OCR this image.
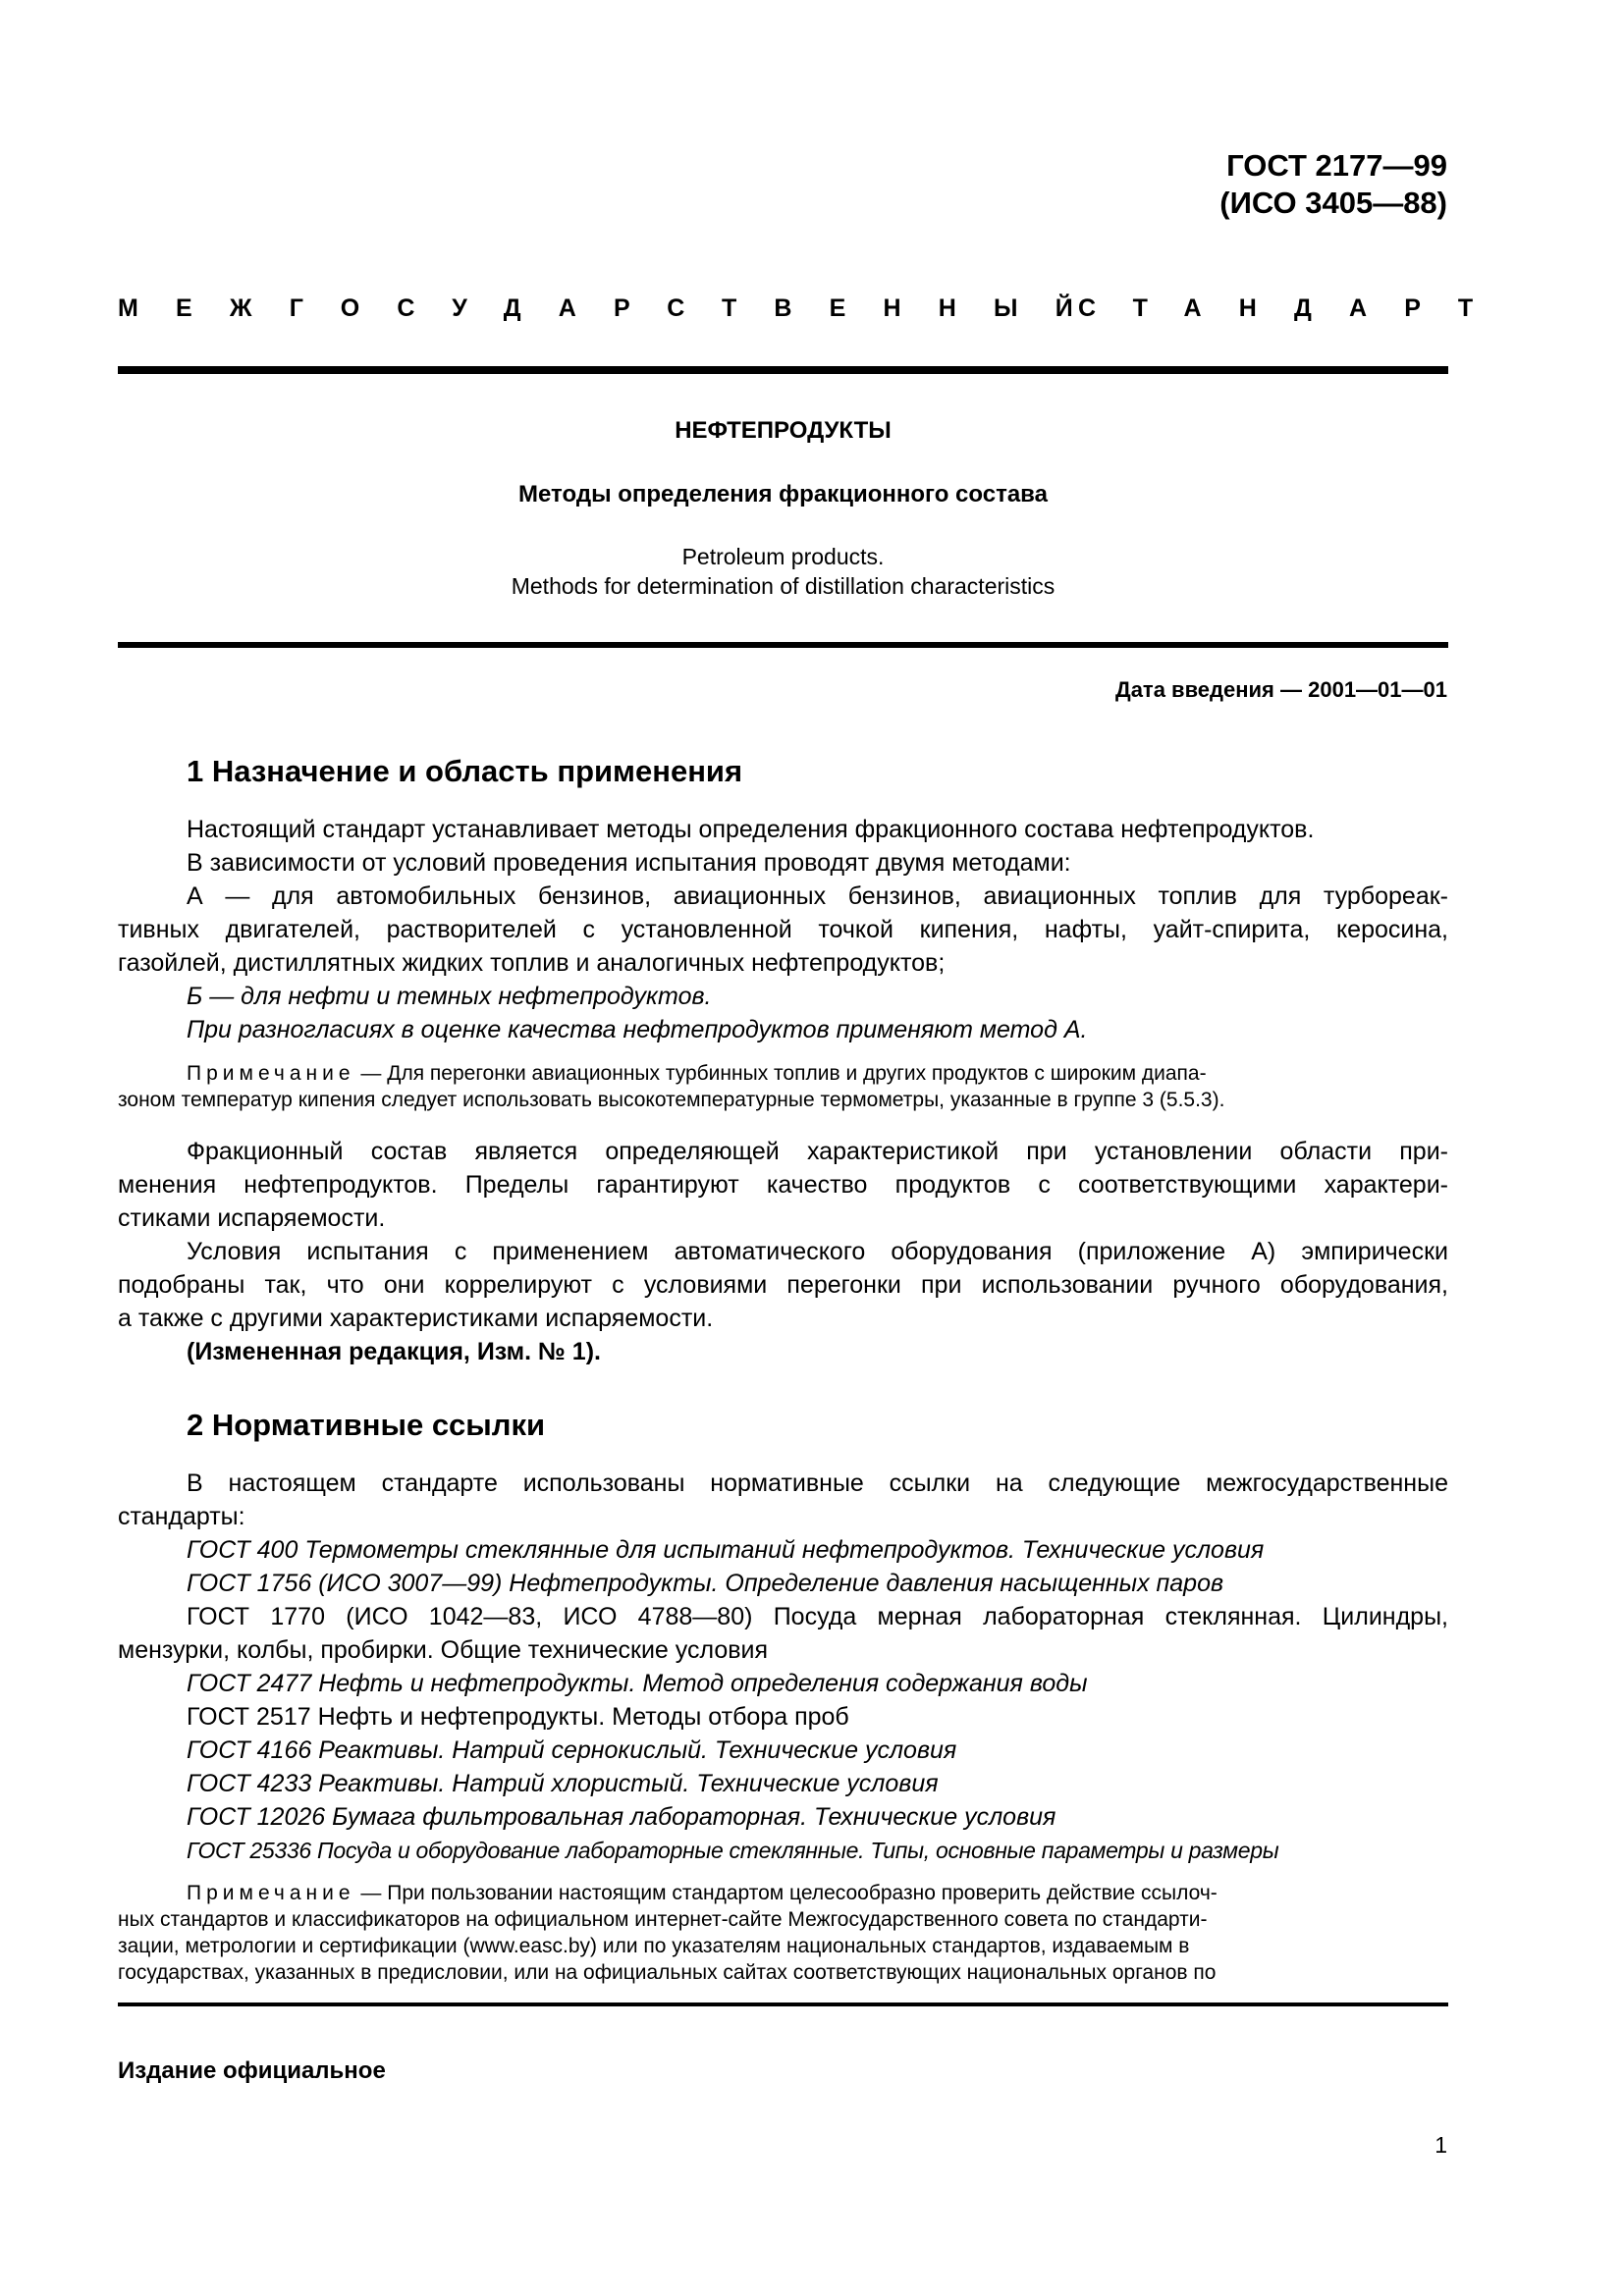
ГОСТ 2177—99
(ИСО 3405—88)
МЕЖГОСУДАРСТВЕННЫЙ
СТАНДАРТ
НЕФТЕПРОДУКТЫ
Методы определения фракционного состава
Petroleum products.
Methods for determination of distillation characteristics
Дата введения — 2001—01—01
1 Назначение и область применения
Настоящий стандарт устанавливает методы определения фракционного состава нефтепродуктов.
В зависимости от условий проведения испытания проводят двумя методами:
А — для автомобильных бензинов, авиационных бензинов, авиационных топлив для турбореак-
тивных двигателей, растворителей с установленной точкой кипения, нафты, уайт-спирита, керосина,
газойлей, дистиллятных жидких топлив и аналогичных нефтепродуктов;
Б — для нефти и темных нефтепродуктов.
При разногласиях в оценке качества нефтепродуктов применяют метод А.
Примечание — Для перегонки авиационных турбинных топлив и других продуктов с широким диапа-
зоном температур кипения следует использовать высокотемпературные термометры, указанные в группе 3 (5.5.3).
Фракционный состав является определяющей характеристикой при установлении области при-
менения нефтепродуктов. Пределы гарантируют качество продуктов с соответствующими характери-
стиками испаряемости.
Условия испытания с применением автоматического оборудования (приложение А) эмпирически
подобраны так, что они коррелируют с условиями перегонки при использовании ручного оборудования,
а также с другими характеристиками испаряемости.
(Измененная редакция, Изм. № 1).
2 Нормативные ссылки
В настоящем стандарте использованы нормативные ссылки на следующие межгосударственные
стандарты:
ГОСТ 400 Термометры стеклянные для испытаний нефтепродуктов. Технические условия
ГОСТ 1756 (ИСО 3007—99) Нефтепродукты. Определение давления насыщенных паров
ГОСТ 1770 (ИСО 1042—83, ИСО 4788—80) Посуда мерная лабораторная стеклянная. Цилиндры,
мензурки, колбы, пробирки. Общие технические условия
ГОСТ 2477 Нефть и нефтепродукты. Метод определения содержания воды
ГОСТ 2517 Нефть и нефтепродукты. Методы отбора проб
ГОСТ 4166 Реактивы. Натрий сернокислый. Технические условия
ГОСТ 4233 Реактивы. Натрий хлористый. Технические условия
ГОСТ 12026 Бумага фильтровальная лабораторная. Технические условия
ГОСТ 25336 Посуда и оборудование лабораторные стеклянные. Типы, основные параметры и размеры
Примечание — При пользовании настоящим стандартом целесообразно проверить действие ссылоч-
ных стандартов и классификаторов на официальном интернет-сайте Межгосударственного совета по стандарти-
зации, метрологии и сертификации (www.easc.by) или по указателям национальных стандартов, издаваемым в
государствах, указанных в предисловии, или на официальных сайтах соответствующих национальных органов по
Издание официальное
1
